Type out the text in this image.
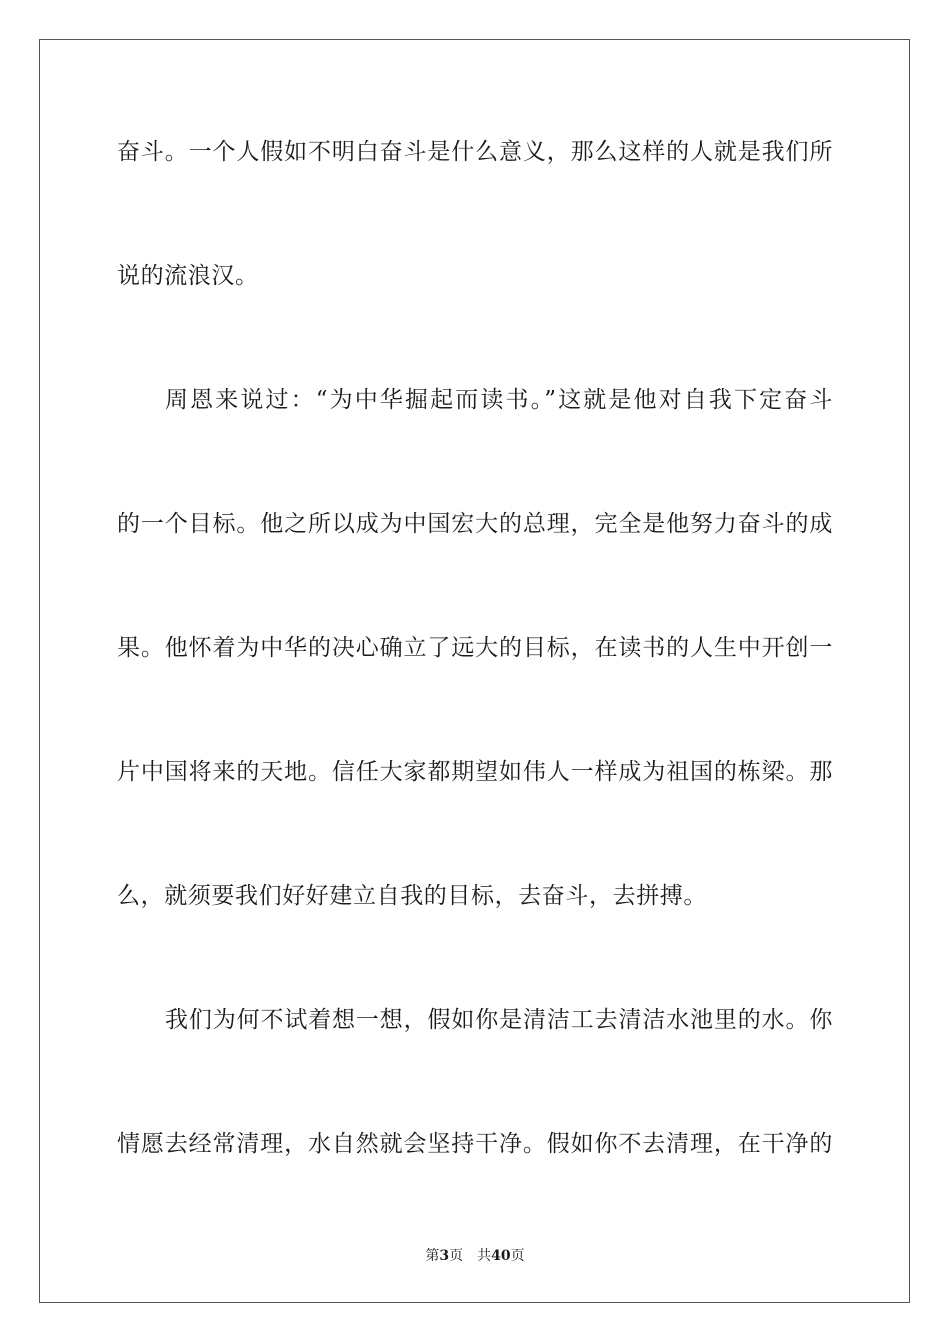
奋斗。一个人假如不明白奋斗是什么意义，那么这样的人就是我们所
说的流浪汉。
周恩来说过：“为中华掘起而读书。”这就是他对自我下定奋斗
的一个目标。他之所以成为中国宏大的总理，完全是他努力奋斗的成
果。他怀着为中华的决心确立了远大的目标，在读书的人生中开创一
片中国将来的天地。信任大家都期望如伟人一样成为祖国的栋梁。那
么，就须要我们好好建立自我的目标，去奋斗，去拼搏。
我们为何不试着想一想，假如你是清洁工去清洁水池里的水。你
情愿去经常清理，水自然就会坚持干净。假如你不去清理，在干净的
第3页 共40页
